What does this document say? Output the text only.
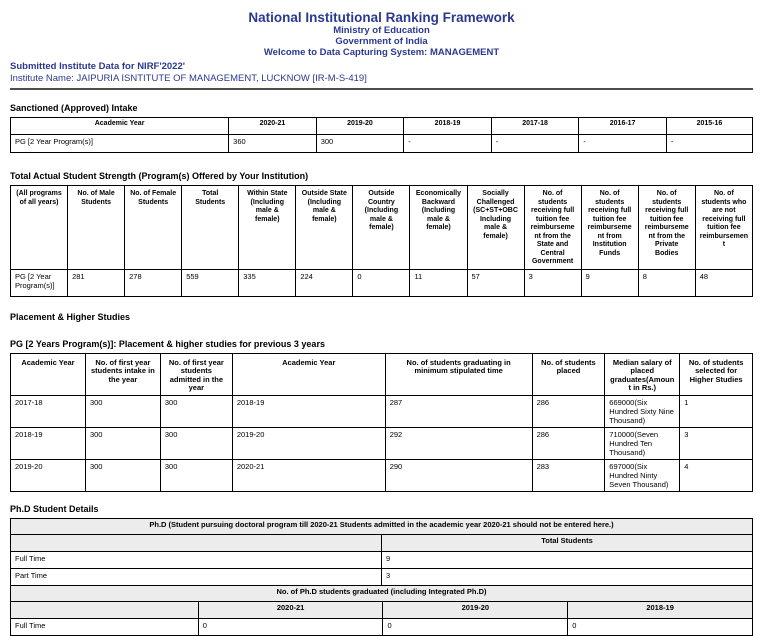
National Institutional Ranking Framework
Ministry of Education
Government of India
Welcome to Data Capturing System: MANAGEMENT
Submitted Institute Data for NIRF'2022'
Institute Name: JAIPURIA ISNTITUTE OF MANAGEMENT, LUCKNOW [IR-M-S-419]
Sanctioned (Approved) Intake
Academic Year	2020-21	2019-20	2018-19	2017-18	2016-17	2015-16
PG [2 Year Program(s)]	360	300	-	-	-	-
Total Actual Student Strength (Program(s) Offered by Your Institution)
(All programs of all years)	No. of Male Students	No. of Female Students	Total Students	Within State (Including male & female)	Outside State (Including male & female)	Outside Country (Including male & female)	Economically Backward (Including male & female)	Socially Challenged (SC+ST+OBC Including male & female)	No. of students receiving full tuition fee reimbursement from the State and Central Government	No. of students receiving full tuition fee reimbursement from Institution Funds	No. of students receiving full tuition fee reimbursement from the Private Bodies	No. of students who are not receiving full tuition fee reimbursement
PG [2 Year Program(s)]	281	278	559	335	224	0	11	57	3	9	8	48
Placement & Higher Studies
PG [2 Years Program(s)]: Placement & higher studies for previous 3 years
Academic Year	No. of first year students intake in the year	No. of first year students admitted in the year	Academic Year	No. of students graduating in minimum stipulated time	No. of students placed	Median salary of placed graduates(Amount in Rs.)	No. of students selected for Higher Studies
2017-18	300	300	2018-19	287	286	669000(Six Hundred Sixty Nine Thousand)	1
2018-19	300	300	2019-20	292	286	710000(Seven Hundred Ten Thousand)	3
2019-20	300	300	2020-21	290	283	697000(Six Hundred Ninty Seven Thousand)	4
Ph.D Student Details
Ph.D (Student pursuing doctoral program till 2020-21 Students admitted in the academic year 2020-21 should not be entered here.)	
	Total Students
Full Time	9
Part Time	3
No. of Ph.D students graduated (including Integrated Ph.D)			
	2020-21	2019-20	2018-19
Full Time	0	0	0
